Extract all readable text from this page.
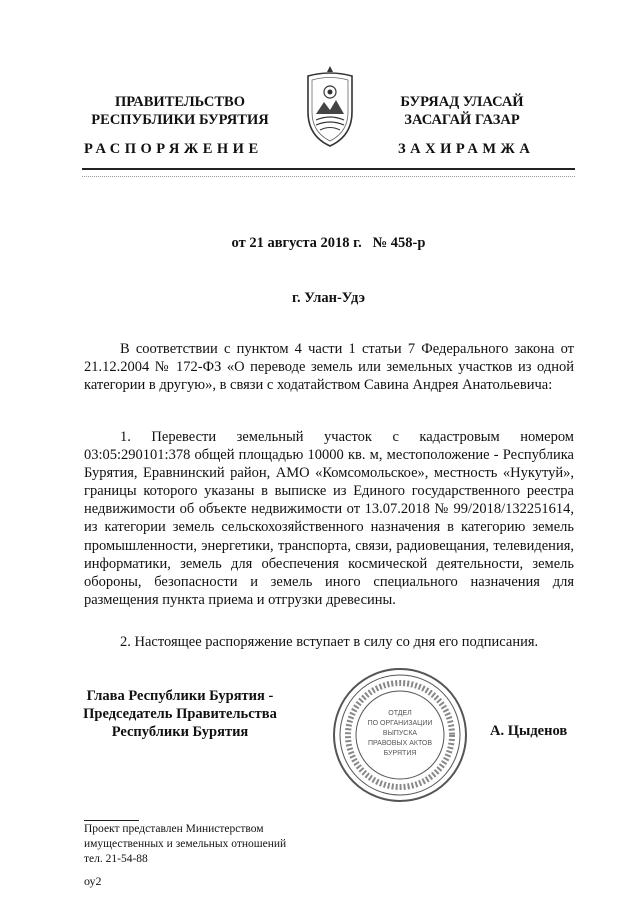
ПРАВИТЕЛЬСТВО
РЕСПУБЛИКИ БУРЯТИЯ
БУРЯАД УЛАСАЙ
ЗАСАГАЙ ГАЗАР
РАСПОРЯЖЕНИЕ	ЗАХИРАМЖА
от 21 августа 2018 г.   № 458-р
г. Улан-Удэ
В соответствии с пунктом 4 части 1 статьи 7 Федерального закона от 21.12.2004 № 172-ФЗ «О переводе земель или земельных участков из одной категории в другую», в связи с ходатайством Савина Андрея Анатольевича:
1. Перевести земельный участок с кадастровым номером 03:05:290101:378 общей площадью 10000 кв. м, местоположение - Республика Бурятия, Еравнинский район, АМО «Комсомольское», местность «Нукутуй», границы которого указаны в выписке из Единого государственного реестра недвижимости об объекте недвижимости от 13.07.2018 № 99/2018/132251614, из категории земель сельскохозяйственного назначения в категорию земель промышленности, энергетики, транспорта, связи, радиовещания, телевидения, информатики, земель для обеспечения космической деятельности, земель обороны, безопасности и земель иного специального назначения для размещения пункта приема и отгрузки древесины.
2. Настоящее распоряжение вступает в силу со дня его подписания.
Глава Республики Бурятия -
Председатель Правительства
Республики Бурятия
ОТДЕЛ
ПО ОРГАНИЗАЦИИ
ВЫПУСКА
ПРАВОВЫХ АКТОВ
БУРЯТИЯ
А. Цыденов
Проект представлен Министерством
имущественных и земельных отношений
тел. 21-54-88
оу2
